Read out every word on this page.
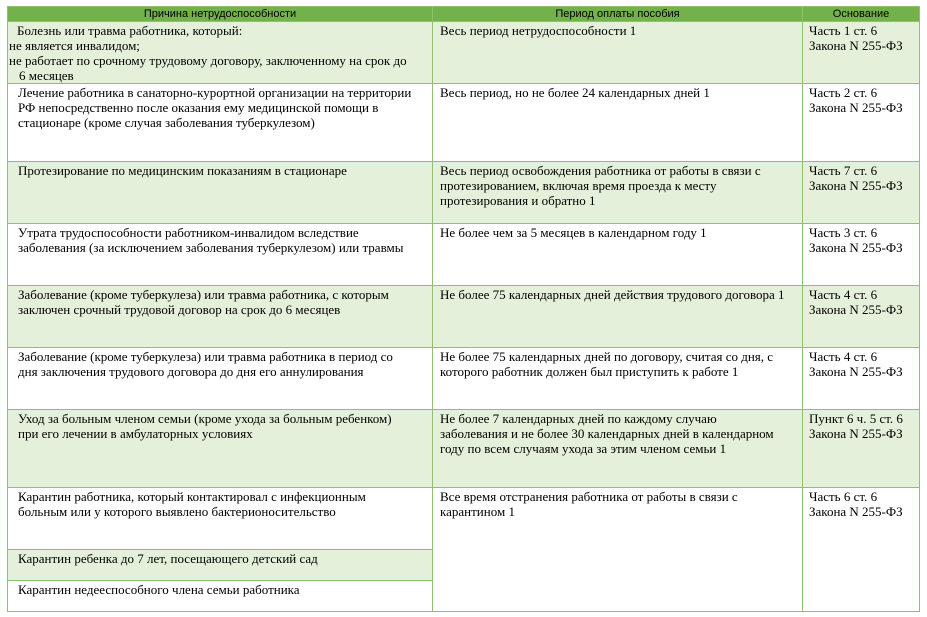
Причина нетрудоспособности	Период оплаты пособия	Основание

Болезнь или травма работника, который:
не является инвалидом;
не работает по срочному трудовому договору, заключенному на срок до
6 месяцев	Весь период нетрудоспособности 1	Часть 1 ст. 6
Закона N 255-ФЗ

Лечение работника в санаторно-курортной организации на территории
РФ непосредственно после оказания ему медицинской помощи в
стационаре (кроме случая заболевания туберкулезом)	Весь период, но не более 24 календарных дней 1	Часть 2 ст. 6
Закона N 255-ФЗ

Протезирование по медицинским показаниям в стационаре	Весь период освобождения работника от работы в связи с
протезированием, включая время проезда к месту
протезирования и обратно 1	Часть 7 ст. 6
Закона N 255-ФЗ

Утрата трудоспособности работником-инвалидом вследствие
заболевания (за исключением заболевания туберкулезом) или травмы	Не более чем за 5 месяцев в календарном году 1	Часть 3 ст. 6
Закона N 255-ФЗ

Заболевание (кроме туберкулеза) или травма работника, с которым
заключен срочный трудовой договор на срок до 6 месяцев	Не более 75 календарных дней действия трудового договора 1	Часть 4 ст. 6
Закона N 255-ФЗ

Заболевание (кроме туберкулеза) или травма работника в период со
дня заключения трудового договора до дня его аннулирования	Не более 75 календарных дней по договору, считая со дня, с
которого работник должен был приступить к работе 1	Часть 4 ст. 6
Закона N 255-ФЗ

Уход за больным членом семьи (кроме ухода за больным ребенком)
при его лечении в амбулаторных условиях	Не более 7 календарных дней по каждому случаю
заболевания и не более 30 календарных дней в календарном
году по всем случаям ухода за этим членом семьи 1	Пункт 6 ч. 5 ст. 6
Закона N 255-ФЗ

Карантин работника, который контактировал с инфекционным
больным или у которого выявлено бактерионосительство	Все время отстранения работника от работы в связи с
карантином 1	Часть 6 ст. 6
Закона N 255-ФЗ

Карантин ребенка до 7 лет, посещающего детский сад		

Карантин недееспособного члена семьи работника		
